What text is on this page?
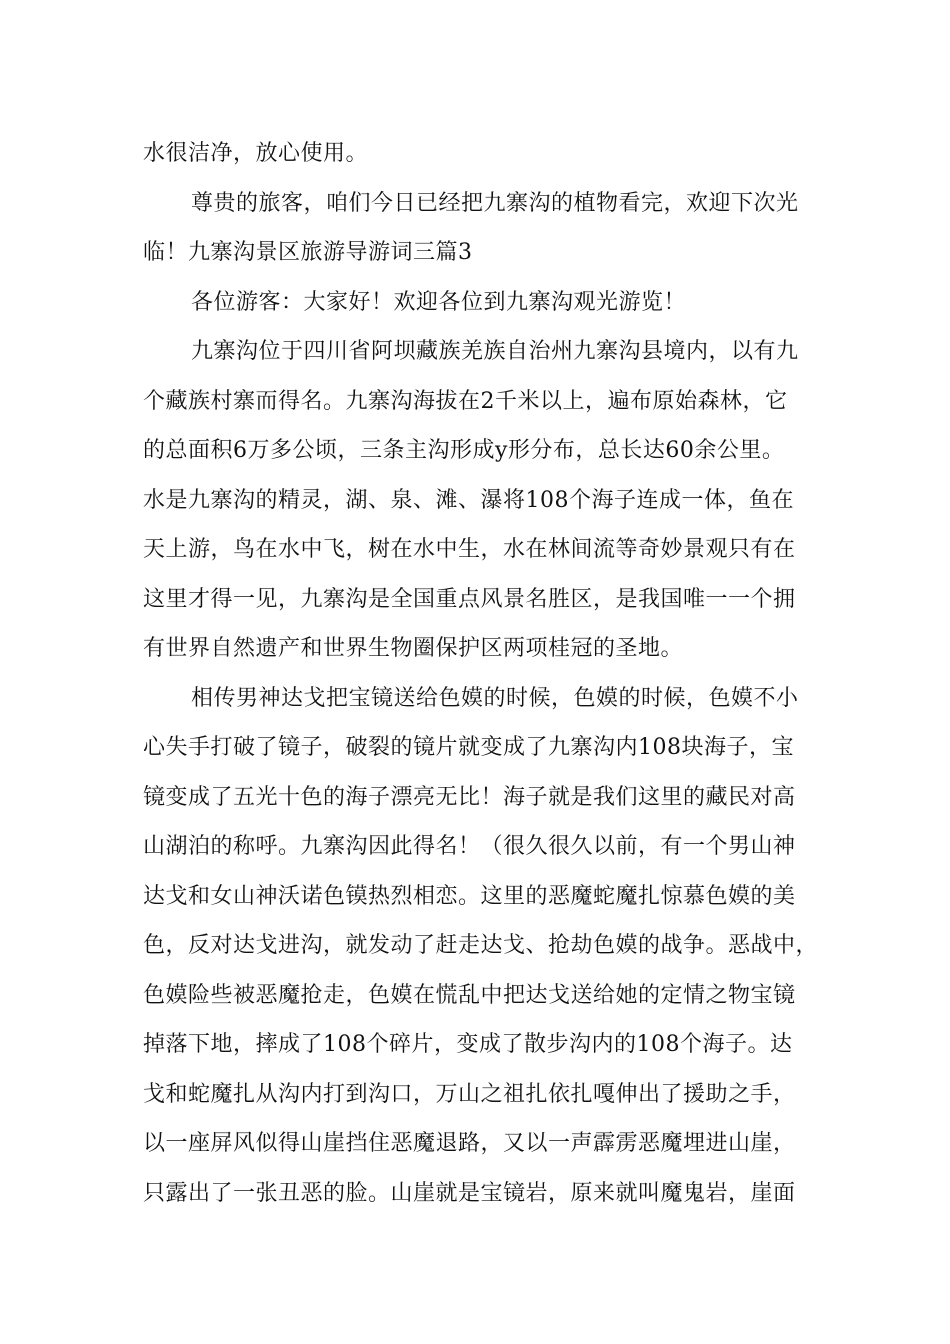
水很洁净，放心使用。
尊贵的旅客，咱们今日已经把九寨沟的植物看完，欢迎下次光
临！九寨沟景区旅游导游词三篇3
各位游客：大家好！欢迎各位到九寨沟观光游览！
九寨沟位于四川省阿坝藏族羌族自治州九寨沟县境内，以有九
个藏族村寨而得名。九寨沟海拔在2千米以上，遍布原始森林，它
的总面积6万多公顷，三条主沟形成y形分布，总长达60余公里。
水是九寨沟的精灵，湖、泉、滩、瀑将108个海子连成一体，鱼在
天上游，鸟在水中飞，树在水中生，水在林间流等奇妙景观只有在
这里才得一见，九寨沟是全国重点风景名胜区，是我国唯一一个拥
有世界自然遗产和世界生物圈保护区两项桂冠的圣地。
相传男神达戈把宝镜送给色嫫的时候，色嫫的时候，色嫫不小
心失手打破了镜子，破裂的镜片就变成了九寨沟内108块海子，宝
镜变成了五光十色的海子漂亮无比！海子就是我们这里的藏民对高
山湖泊的称呼。九寨沟因此得名！（很久很久以前，有一个男山神
达戈和女山神沃诺色镆热烈相恋。这里的恶魔蛇魔扎惊慕色嫫的美
色，反对达戈进沟，就发动了赶走达戈、抢劫色嫫的战争。恶战中，
色嫫险些被恶魔抢走，色嫫在慌乱中把达戈送给她的定情之物宝镜
掉落下地，摔成了108个碎片，变成了散步沟内的108个海子。达
戈和蛇魔扎从沟内打到沟口，万山之祖扎依扎嘎伸出了援助之手，
以一座屏风似得山崖挡住恶魔退路，又以一声霹雳恶魔埋进山崖，
只露出了一张丑恶的脸。山崖就是宝镜岩，原来就叫魔鬼岩，崖面
